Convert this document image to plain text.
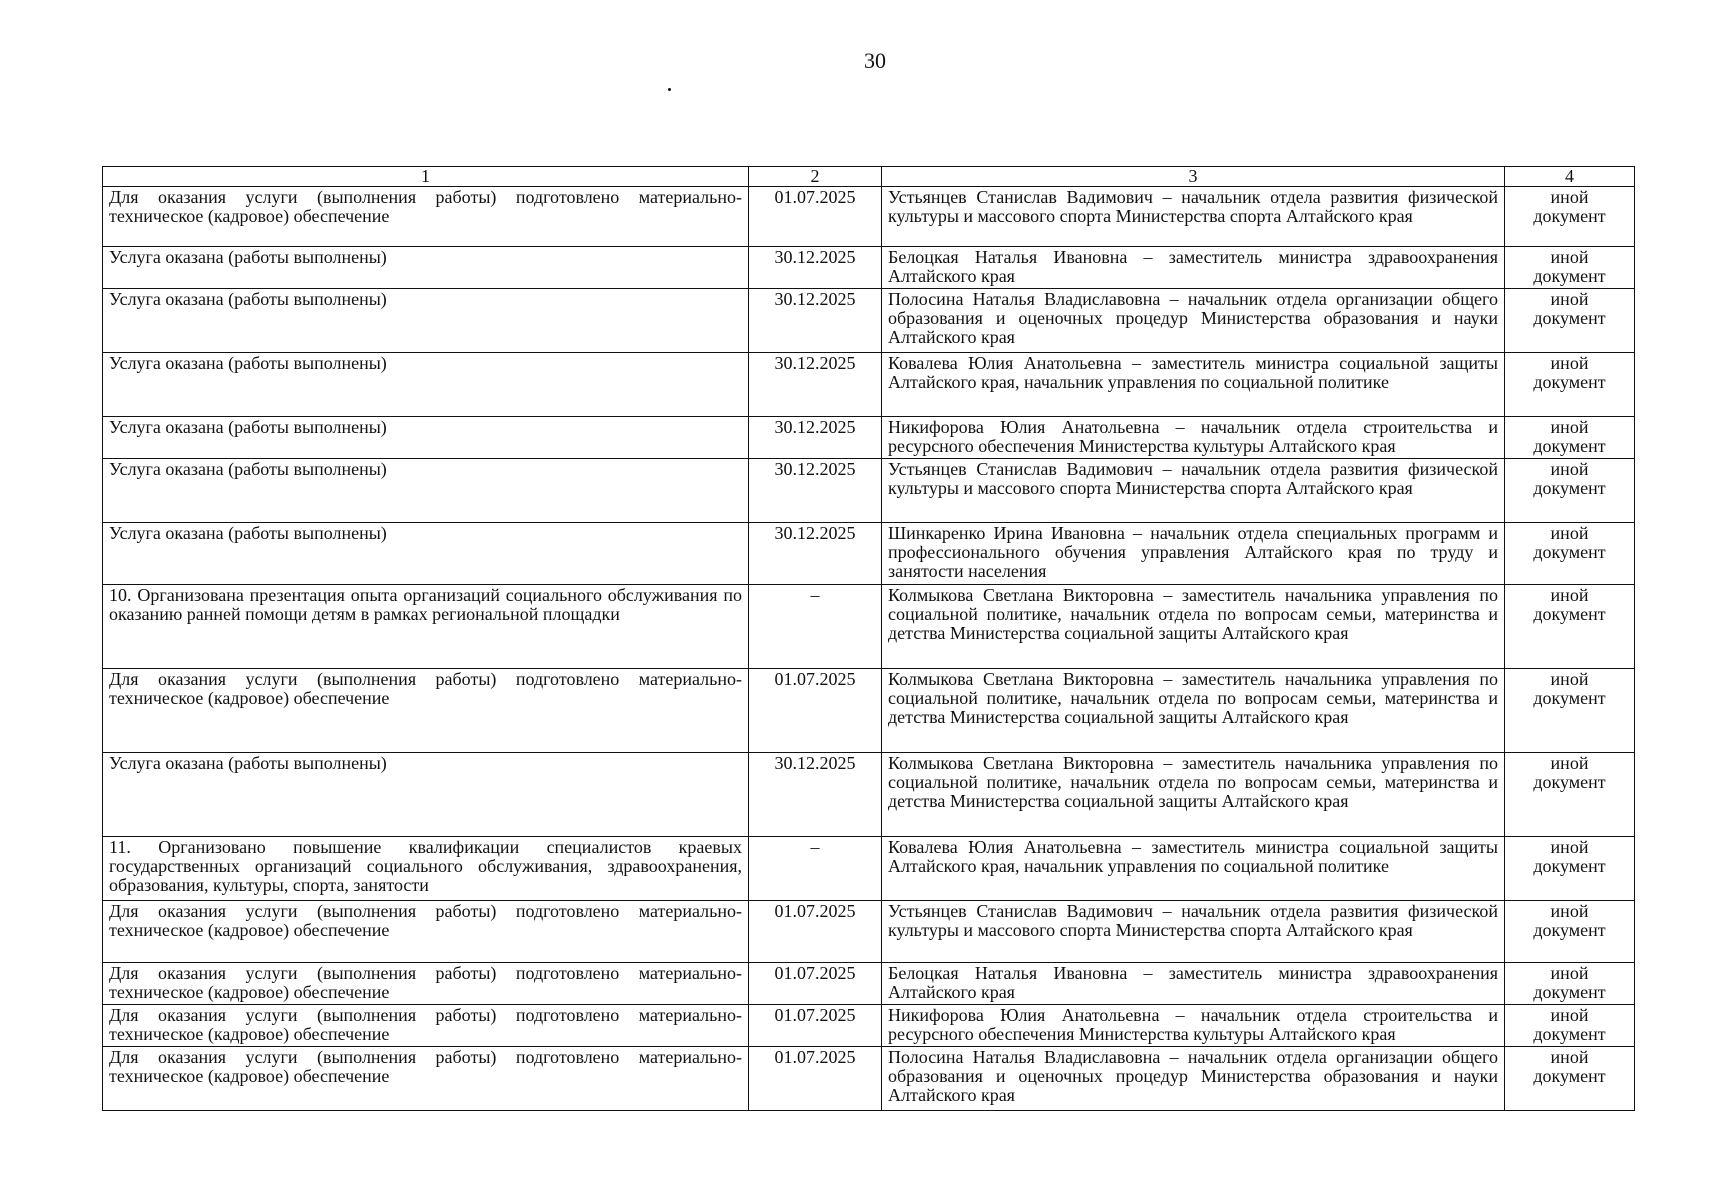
30
1	2	3	4
Для оказания услуги (выполнения работы) подготовлено материально-техническое (кадровое) обеспечение	01.07.2025	Устьянцев Станислав Вадимович – начальник отдела развития физической культуры и массового спорта Министерства спорта Алтайского края	иной
документ

Услуга оказана (работы выполнены)	30.12.2025	Белоцкая Наталья Ивановна – заместитель министра здравоохранения Алтайского края	иной
документ

Услуга оказана (работы выполнены)	30.12.2025	Полосина Наталья Владиславовна – начальник отдела организации общего образования и оценочных процедур Министерства образования и науки Алтайского края	иной
документ

Услуга оказана (работы выполнены)	30.12.2025	Ковалева Юлия Анатольевна – заместитель министра социальной защиты Алтайского края, начальник управления по социальной политике	иной
документ

Услуга оказана (работы выполнены)	30.12.2025	Никифорова Юлия Анатольевна – начальник отдела строительства и ресурсного обеспечения Министерства культуры Алтайского края	иной
документ

Услуга оказана (работы выполнены)	30.12.2025	Устьянцев Станислав Вадимович – начальник отдела развития физической культуры и массового спорта Министерства спорта Алтайского края	иной
документ

Услуга оказана (работы выполнены)	30.12.2025	Шинкаренко Ирина Ивановна – начальник отдела специальных программ и профессионального обучения управления Алтайского края по труду и занятости населения	иной
документ

10. Организована презентация опыта организаций социального обслуживания по оказанию ранней помощи детям в рамках региональной площадки	–	Колмыкова Светлана Викторовна – заместитель начальника управления по социальной политике, начальник отдела по вопросам семьи, материнства и детства Министерства социальной защиты Алтайского края	иной
документ

Для оказания услуги (выполнения работы) подготовлено материально-техническое (кадровое) обеспечение	01.07.2025	Колмыкова Светлана Викторовна – заместитель начальника управления по социальной политике, начальник отдела по вопросам семьи, материнства и детства Министерства социальной защиты Алтайского края	иной
документ

Услуга оказана (работы выполнены)	30.12.2025	Колмыкова Светлана Викторовна – заместитель начальника управления по социальной политике, начальник отдела по вопросам семьи, материнства и детства Министерства социальной защиты Алтайского края	иной
документ

11. Организовано повышение квалификации специалистов краевых государственных организаций социального обслуживания, здравоохранения, образования, культуры, спорта, занятости	–	Ковалева Юлия Анатольевна – заместитель министра социальной защиты Алтайского края, начальник управления по социальной политике	иной
документ

Для оказания услуги (выполнения работы) подготовлено материально-техническое (кадровое) обеспечение	01.07.2025	Устьянцев Станислав Вадимович – начальник отдела развития физической культуры и массового спорта Министерства спорта Алтайского края	иной
документ

Для оказания услуги (выполнения работы) подготовлено материально-техническое (кадровое) обеспечение	01.07.2025	Белоцкая Наталья Ивановна – заместитель министра здравоохранения Алтайского края	иной
документ

Для оказания услуги (выполнения работы) подготовлено материально-техническое (кадровое) обеспечение	01.07.2025	Никифорова Юлия Анатольевна – начальник отдела строительства и ресурсного обеспечения Министерства культуры Алтайского края	иной
документ

Для оказания услуги (выполнения работы) подготовлено материально-техническое (кадровое) обеспечение	01.07.2025	Полосина Наталья Владиславовна – начальник отдела организации общего образования и оценочных процедур Министерства образования и науки Алтайского края	иной
документ
